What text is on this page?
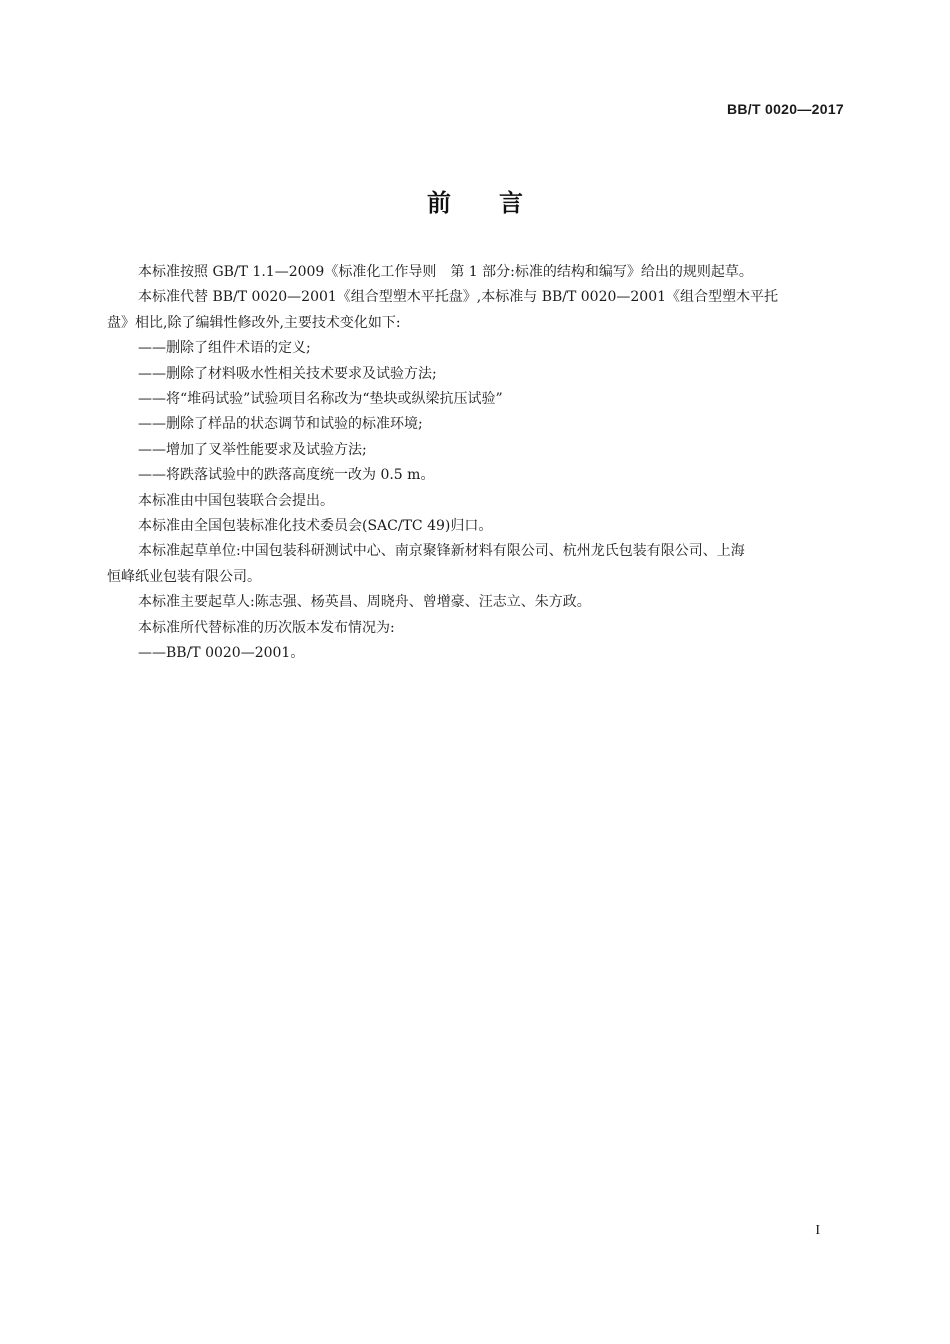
BB/T 0020—2017
前言

本标准按照 GB/T 1.1—2009《标准化工作导则　第 1 部分:标准的结构和编写》给出的规则起草。

本标准代替 BB/T 0020—2001《组合型塑木平托盘》,本标准与 BB/T 0020—2001《组合型塑木平托

盘》相比,除了编辑性修改外,主要技术变化如下:

——删除了组件术语的定义;

——删除了材料吸水性相关技术要求及试验方法;

——将“堆码试验”试验项目名称改为“垫块或纵梁抗压试验”

——删除了样品的状态调节和试验的标准环境;

——增加了叉举性能要求及试验方法;

——将跌落试验中的跌落高度统一改为 0.5 m。

本标准由中国包装联合会提出。

本标准由全国包装标准化技术委员会(SAC/TC 49)归口。

本标准起草单位:中国包装科研测试中心、南京聚锋新材料有限公司、杭州龙氏包装有限公司、上海

恒峰纸业包装有限公司。

本标准主要起草人:陈志强、杨英昌、周晓舟、曾增豪、汪志立、朱方政。

本标准所代替标准的历次版本发布情况为:

——BB/T 0020—2001。

I
